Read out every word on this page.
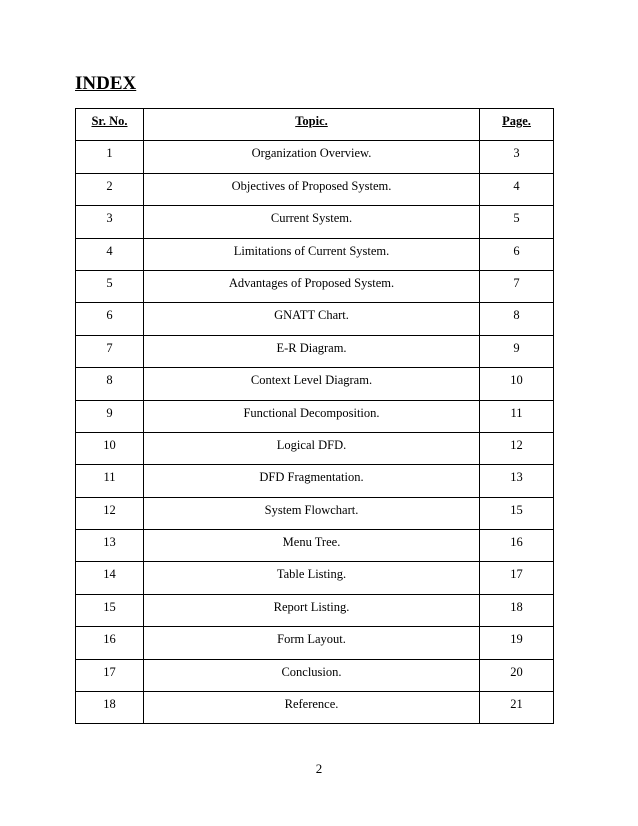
INDEX
Sr. No.	Topic.	Page.

1	Organization Overview.	3

2	Objectives of Proposed System.	4

3	Current System.	5

4	Limitations of Current System.	6

5	Advantages of Proposed System.	7

6	GNATT Chart.	8

7	E-R Diagram.	9

8	Context Level Diagram.	10

9	Functional Decomposition.	11

10	Logical DFD.	12

11	DFD Fragmentation.	13

12	System Flowchart.	15

13	Menu Tree.	16

14	Table Listing.	17

15	Report Listing.	18

16	Form Layout.	19

17	Conclusion.	20

18	Reference.	21
2
